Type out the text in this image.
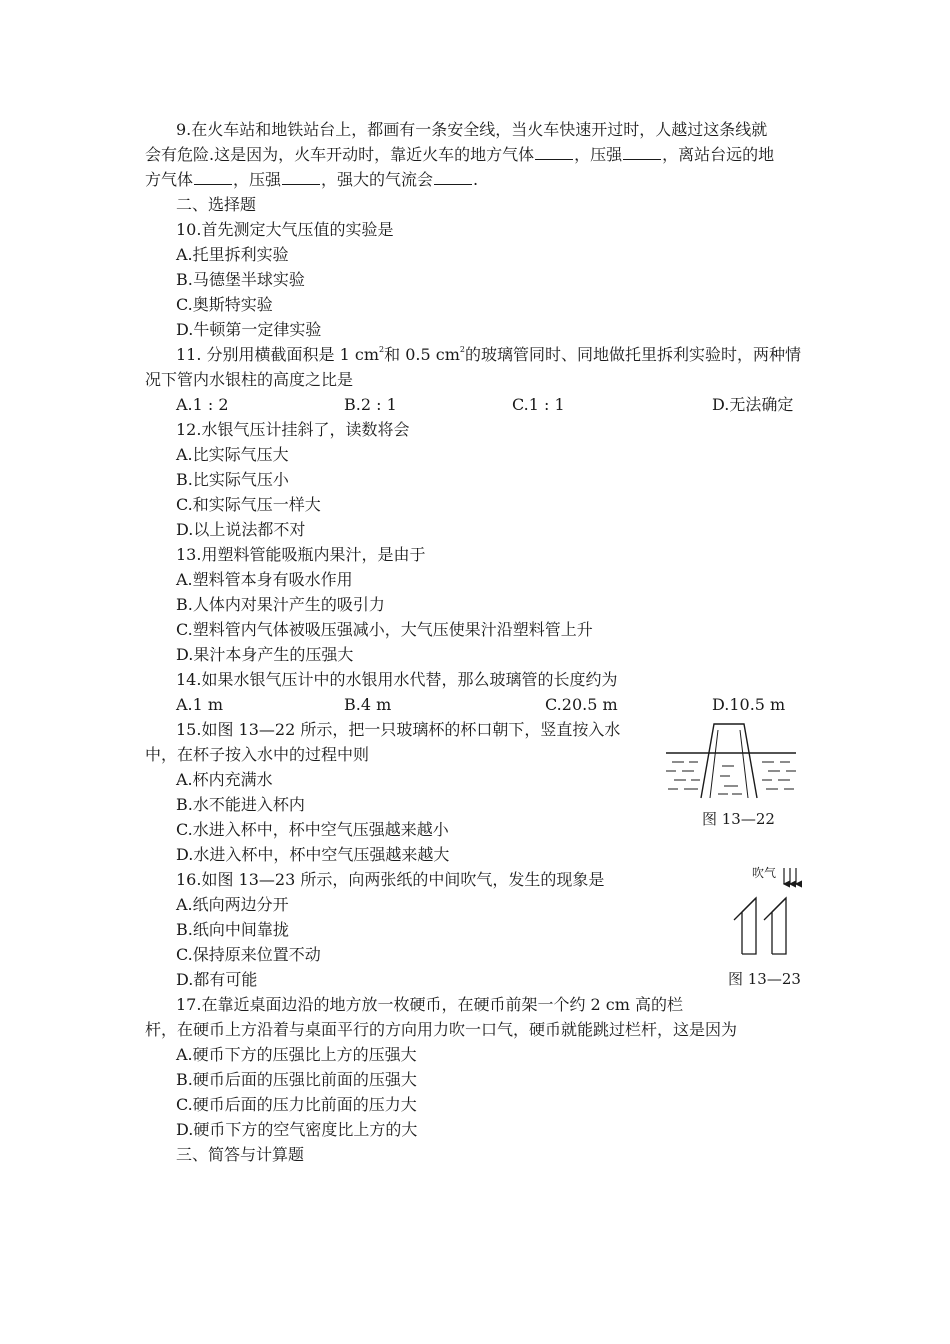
9.在火车站和地铁站台上，都画有一条安全线，当火车快速开过时，人越过这条线就
会有危险.这是因为，火车开动时，靠近火车的地方气体	，压强	，离站台远的地
方气体	，压强	，强大的气流会	.
二、选择题
10.首先测定大气压值的实验是
A.托里拆利实验
B.马德堡半球实验
C.奥斯特实验
D.牛顿第一定律实验
11. 分别用横截面积是 1 $cm^2$和 0.5 $cm^2$的玻璃管同时、同地做托里拆利实验时，两种情
况下管内水银柱的高度之比是
A.1 : 2	B.2 : 1	C.1 : 1	D.无法确定
12.水银气压计挂斜了，读数将会
A.比实际气压大
B.比实际气压小
C.和实际气压一样大
D.以上说法都不对
13.用塑料管能吸瓶内果汁，是由于
A.塑料管本身有吸水作用
B.人体内对果汁产生的吸引力
C.塑料管内气体被吸压强减小，大气压使果汁沿塑料管上升
D.果汁本身产生的压强大
14.如果水银气压计中的水银用水代替，那么玻璃管的长度约为
A.1 m	B.4 m	C.20.5 m	D.10.5 m
15.如图 13—22 所示，把一只玻璃杯的杯口朝下，竖直按入水
中，在杯子按入水中的过程中则
A.杯内充满水
B.水不能进入杯内
C.水进入杯中，杯中空气压强越来越小
D.水进入杯中，杯中空气压强越来越大
图 13—22
16.如图 13—23 所示，向两张纸的中间吹气，发生的现象是
A.纸向两边分开
B.纸向中间靠拢
C.保持原来位置不动
D.都有可能
吹气
图 13—23
17.在靠近桌面边沿的地方放一枚硬币，在硬币前架一个约 2 cm 高的栏
杆，在硬币上方沿着与桌面平行的方向用力吹一口气，硬币就能跳过栏杆，这是因为
A.硬币下方的压强比上方的压强大
B.硬币后面的压强比前面的压强大
C.硬币后面的压力比前面的压力大
D.硬币下方的空气密度比上方的大
三、简答与计算题
